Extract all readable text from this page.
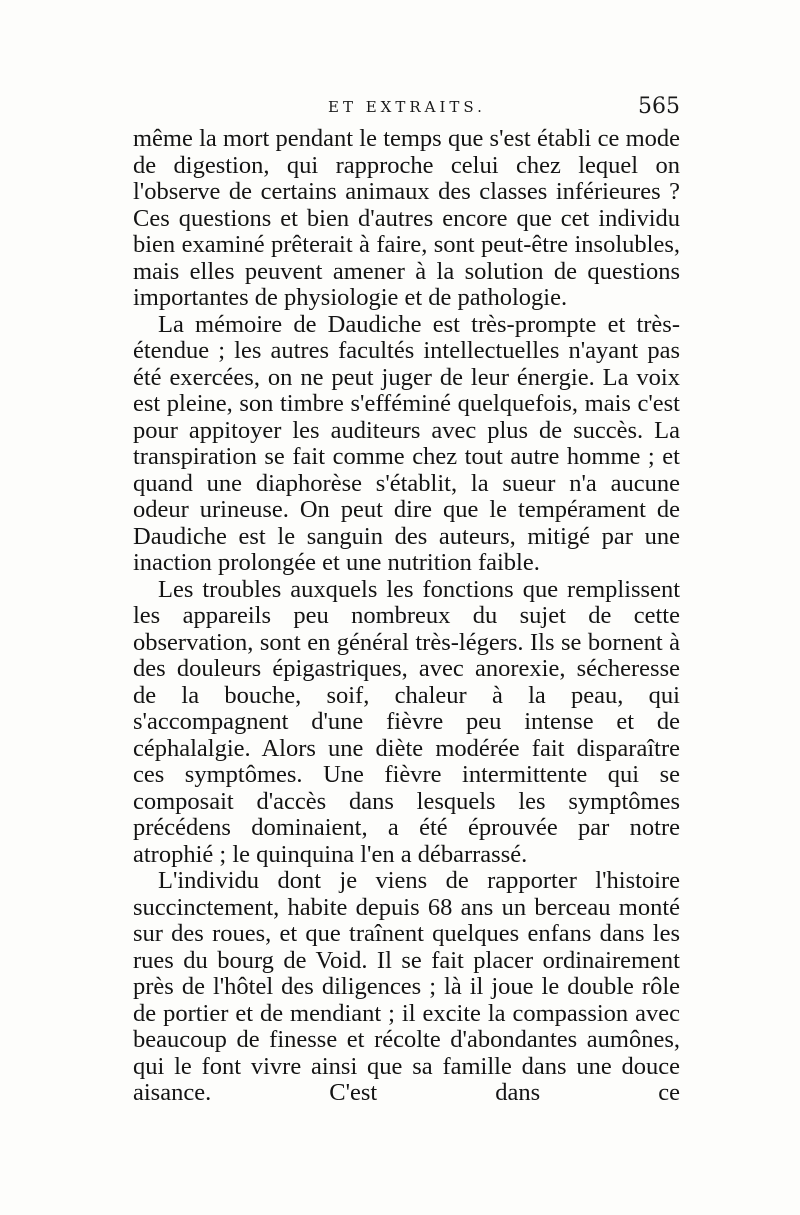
ET EXTRAITS.	565

même la mort pendant le temps que s'est établi ce mode de digestion, qui rapproche celui chez lequel on l'observe de certains animaux des classes inférieures ? Ces questions et bien d'autres encore que cet individu bien examiné prêterait à faire, sont peut-être insolubles, mais elles peuvent amener à la solution de questions importantes de physiologie et de pathologie.

La mémoire de Daudiche est très-prompte et très-étendue ; les autres facultés intellectuelles n'ayant pas été exercées, on ne peut juger de leur énergie. La voix est pleine, son timbre s'efféminé quelquefois, mais c'est pour appitoyer les auditeurs avec plus de succès. La transpiration se fait comme chez tout autre homme ; et quand une diaphorèse s'établit, la sueur n'a aucune odeur urineuse. On peut dire que le tempérament de Daudiche est le sanguin des auteurs, mitigé par une inaction prolongée et une nutrition faible.

Les troubles auxquels les fonctions que remplissent les appareils peu nombreux du sujet de cette observation, sont en général très-légers. Ils se bornent à des douleurs épigastriques, avec anorexie, sécheresse de la bouche, soif, chaleur à la peau, qui s'accompagnent d'une fièvre peu intense et de céphalalgie. Alors une diète modérée fait disparaître ces symptômes. Une fièvre intermittente qui se composait d'accès dans lesquels les symptômes précédens dominaient, a été éprouvée par notre atrophié ; le quinquina l'en a débarrassé.

L'individu dont je viens de rapporter l'histoire succinctement, habite depuis 68 ans un berceau monté sur des roues, et que traînent quelques enfans dans les rues du bourg de Void. Il se fait placer ordinairement près de l'hôtel des diligences ; là il joue le double rôle de portier et de mendiant ; il excite la compassion avec beaucoup de finesse et récolte d'abondantes aumônes, qui le font vivre ainsi que sa famille dans une douce aisance. C'est dans ce
